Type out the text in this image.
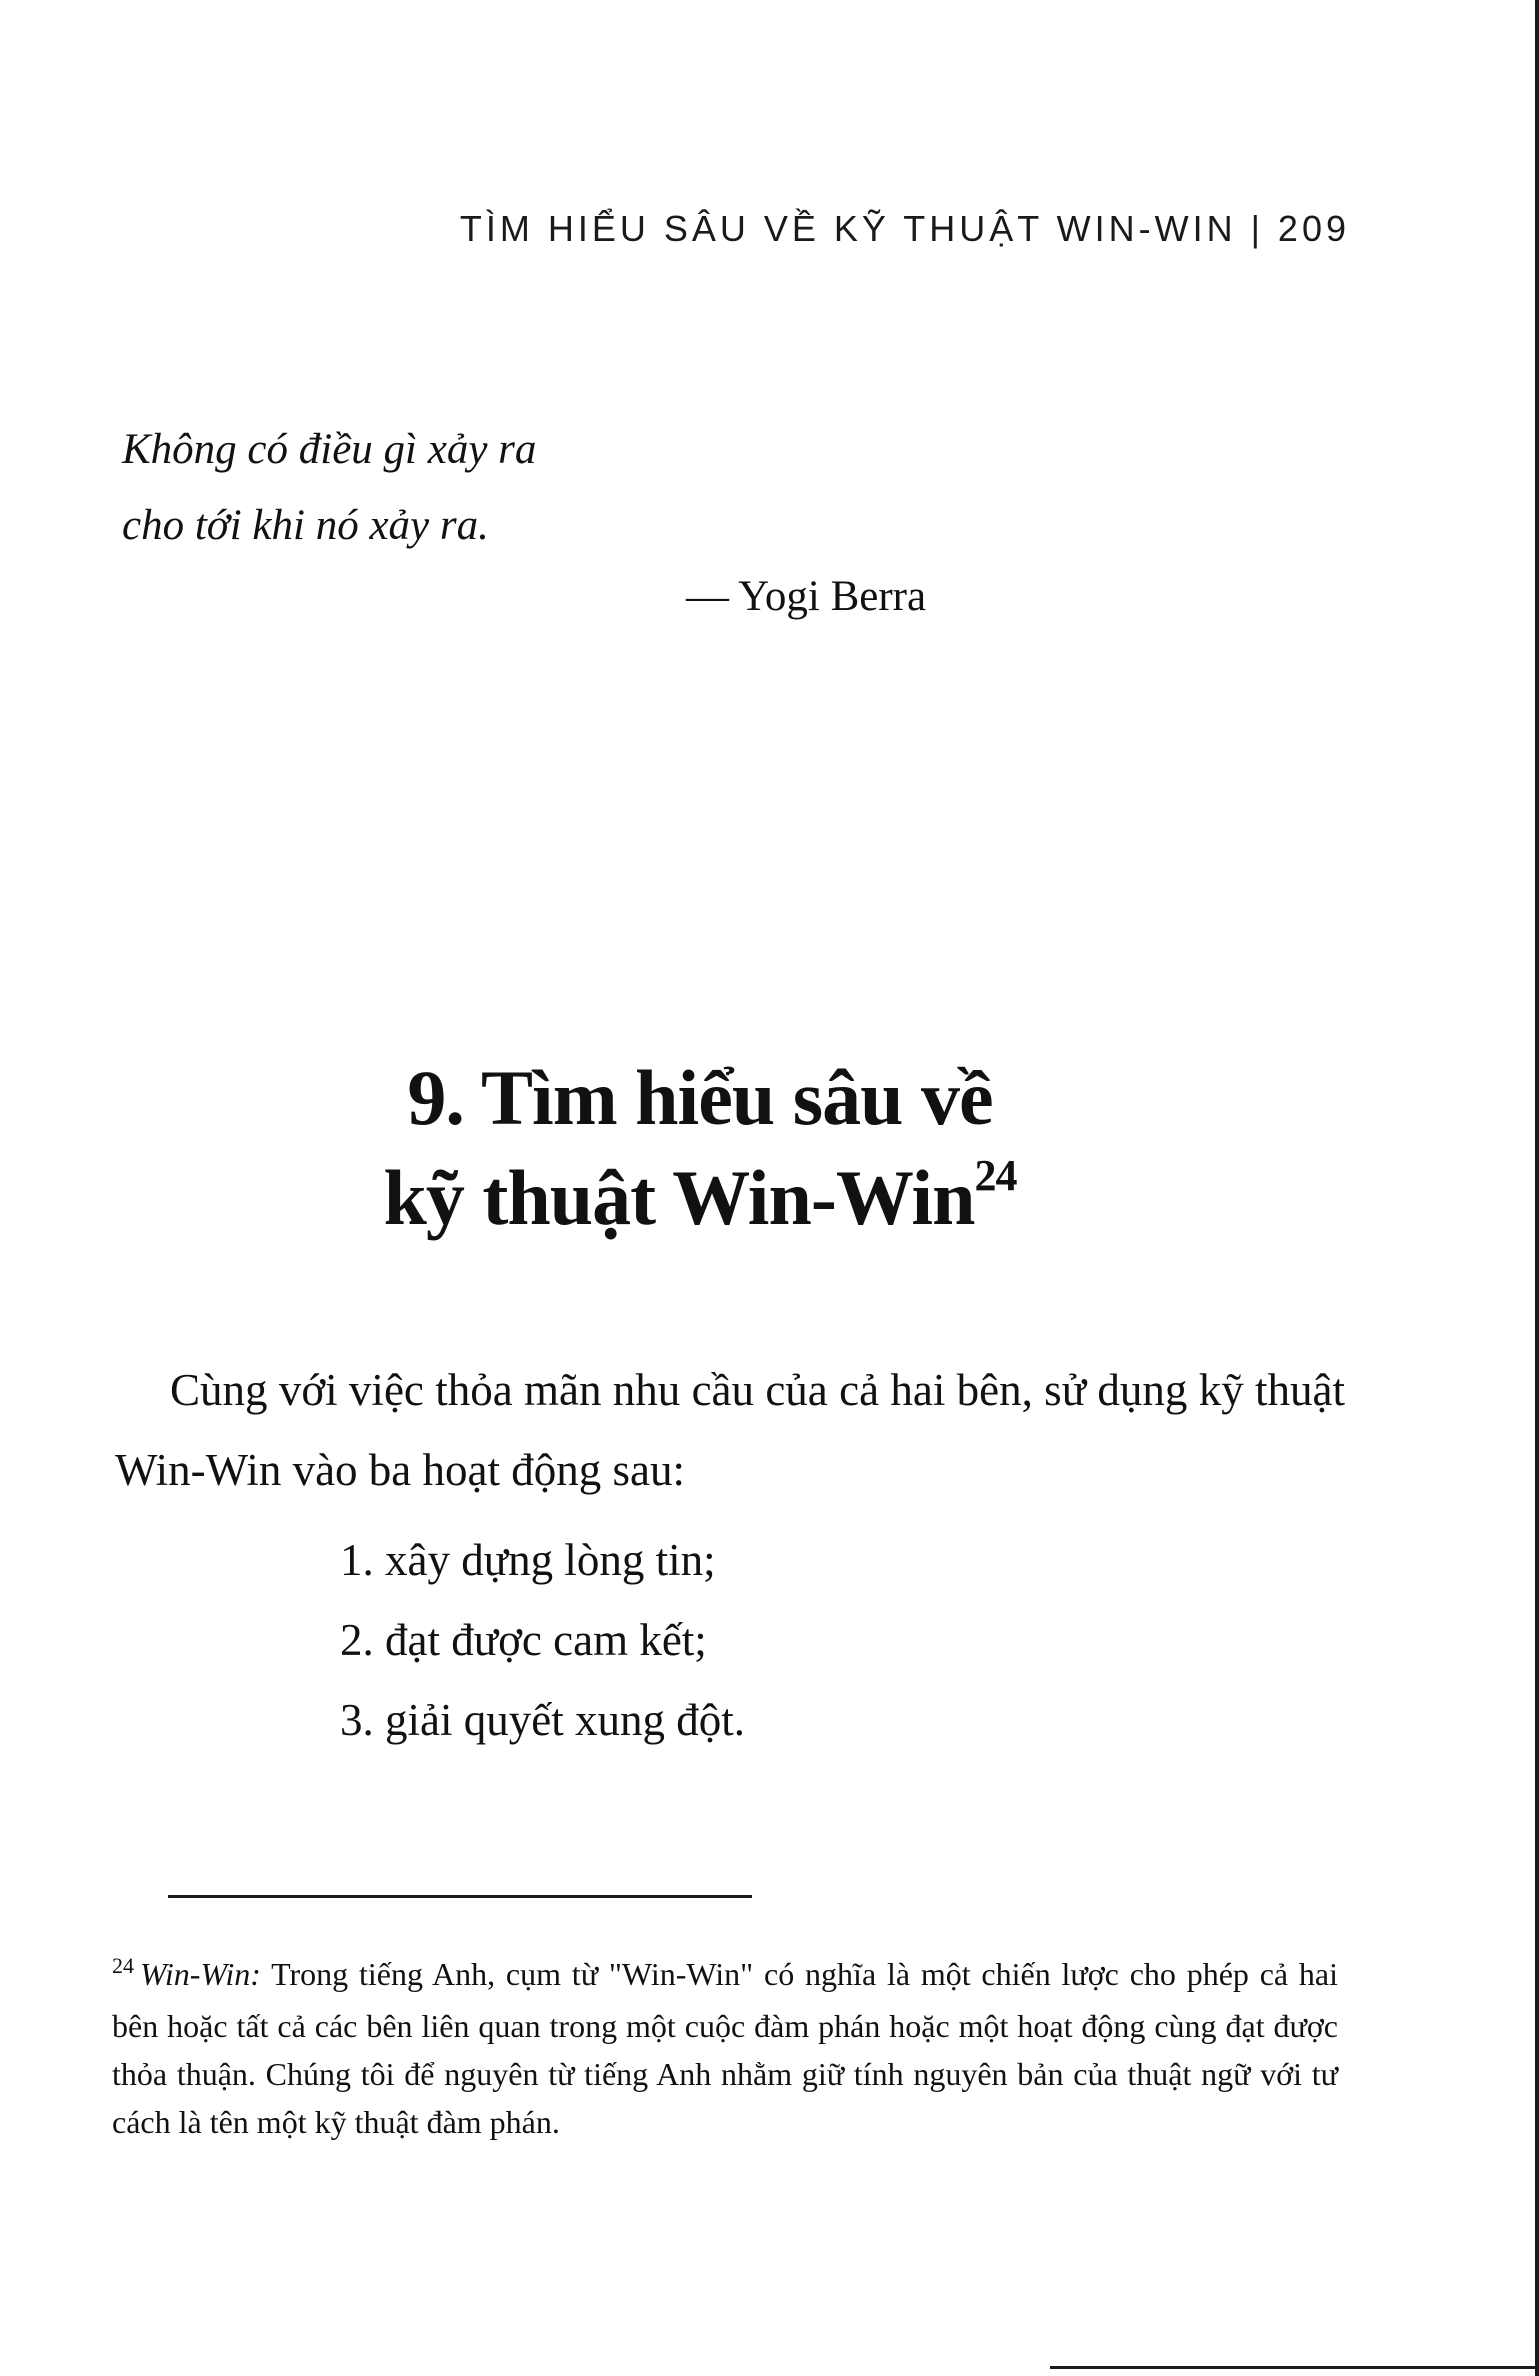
TÌM HIỂU SÂU VỀ KỸ THUẬT WIN-WIN | 209
Không có điều gì xảy ra
cho tới khi nó xảy ra.
— Yogi Berra
9. Tìm hiểu sâu về
kỹ thuật Win-Win$^{24}$
Cùng với việc thỏa mãn nhu cầu của cả hai bên, sử dụng kỹ thuật Win-Win vào ba hoạt động sau:
1. xây dựng lòng tin;
2. đạt được cam kết;
3. giải quyết xung đột.
$^{24}$ Win-Win: Trong tiếng Anh, cụm từ "Win-Win" có nghĩa là một chiến lược cho phép cả hai bên hoặc tất cả các bên liên quan trong một cuộc đàm phán hoặc một hoạt động cùng đạt được thỏa thuận. Chúng tôi để nguyên từ tiếng Anh nhằm giữ tính nguyên bản của thuật ngữ với tư cách là tên một kỹ thuật đàm phán.
